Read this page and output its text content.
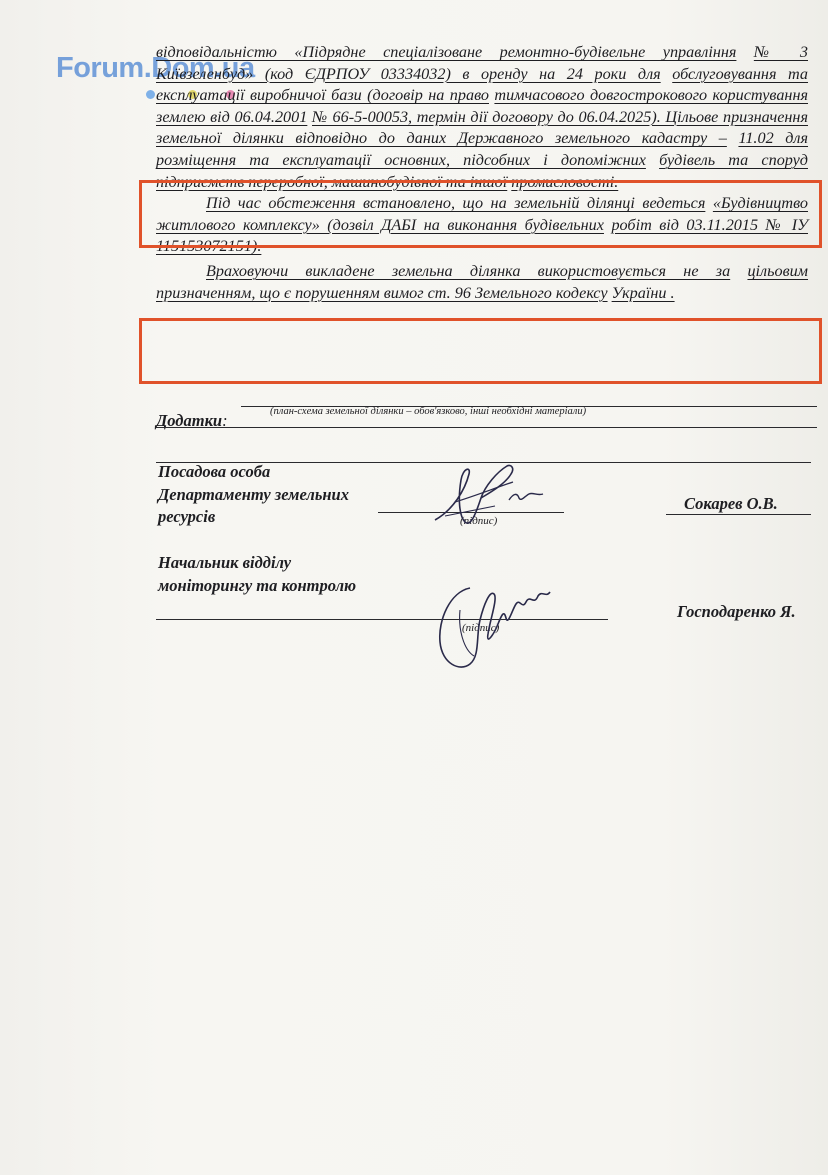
Forum.Dom.ua

відповідальністю «Підрядне спеціалізоване ремонтно-будівельне управління № 3 Київзеленбуд» (код ЄДРПОУ 03334032) в оренду на 24 роки для обслуговування та експлуатації виробничої бази (договір на право тимчасового довгострокового користування землею від 06.04.2001 № 66-5-00053, термін дії договору до 06.04.2025). Цільове призначення земельної ділянки відповідно до даних Державного земельного кадастру – 11.02 для розміщення та експлуатації основних, підсобних і допоміжних будівель та споруд підприємств переробної, машинобудівної та іншої промисловості.

Під час обстеження встановлено, що на земельній ділянці ведеться «Будівництво житлового комплексу» (дозвіл ДАБІ на виконання будівельних робіт від 03.11.2015 № ІУ 115153072151).

Враховуючи викладене земельна ділянка використовується не за цільовим призначенням, що є порушенням вимог ст. 96 Земельного кодексу України .

Додатки:	(план-схема земельної ділянки – обов'язково, інші необхідні матеріали)
Посадова особа
Департаменту земельних
ресурсів	(підпис)
Сокарев О.В.
Начальник відділу
моніторингу та контролю
(підпис)
Господаренко Я.
